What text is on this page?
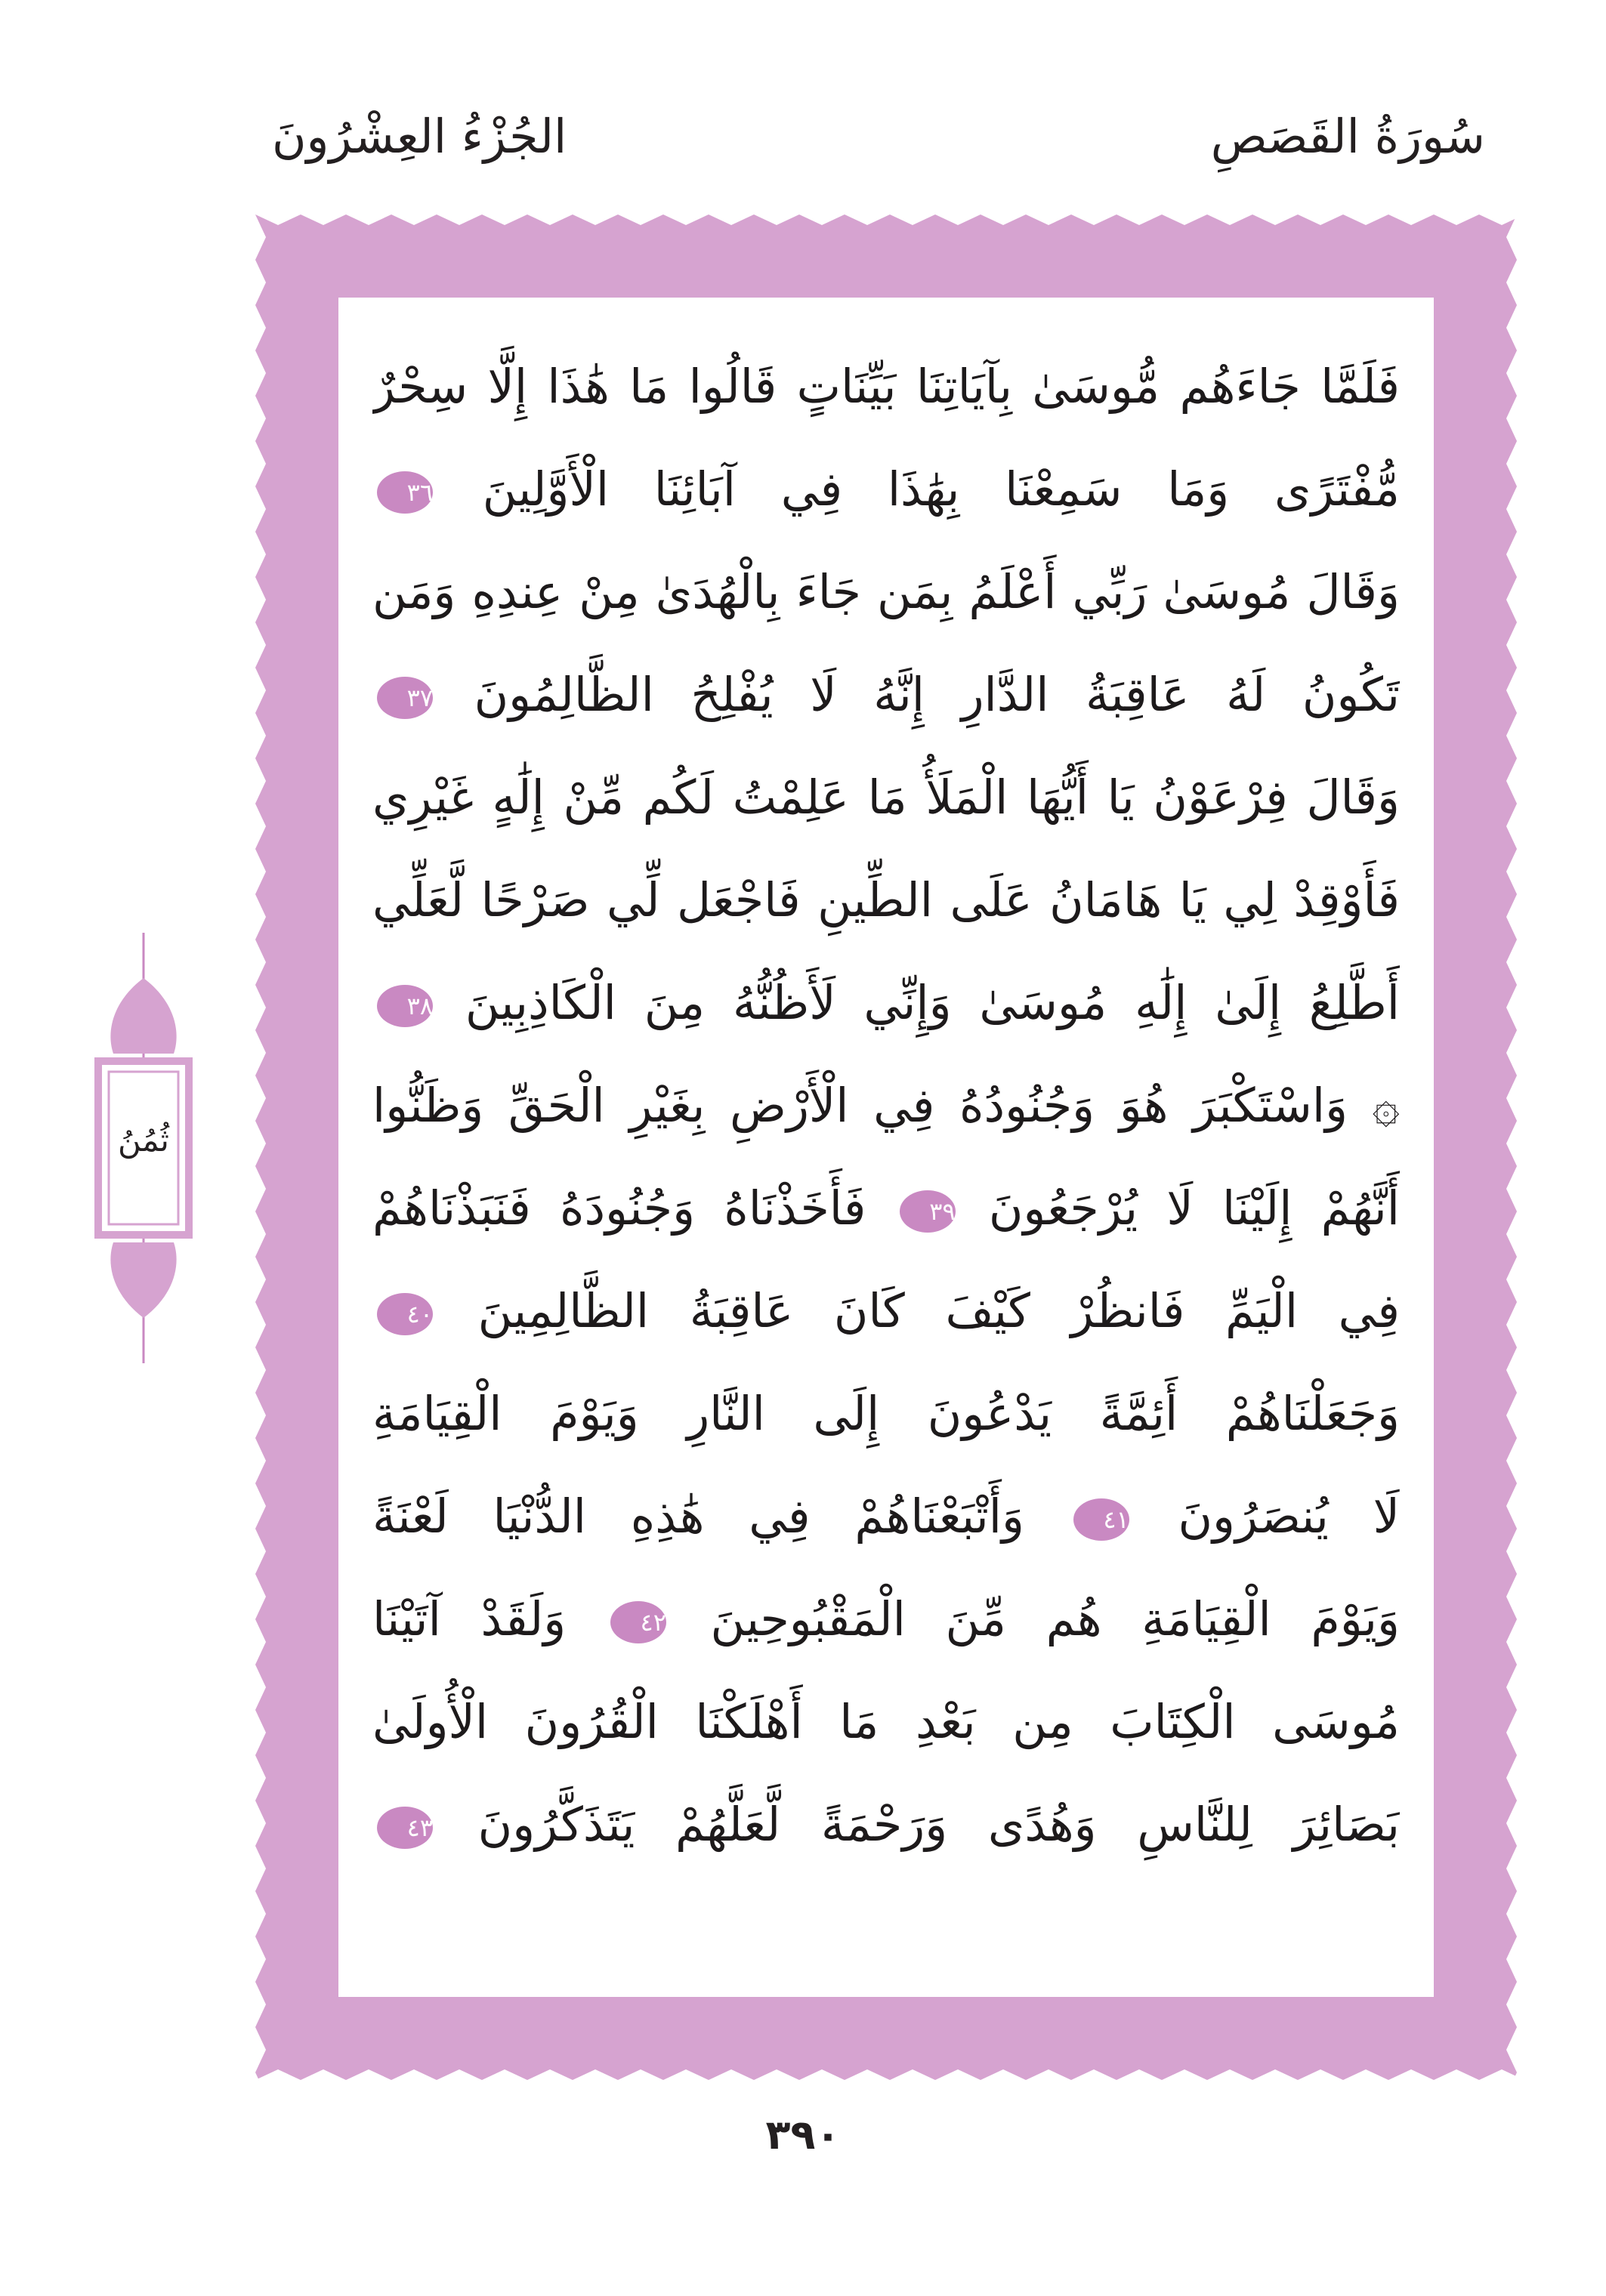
سُورَةُ القَصَصِ
الجُزْءُ العِشْرُونَ
فَلَمَّا جَاءَهُم مُّوسَىٰ بِآيَاتِنَا بَيِّنَاتٍ قَالُوا مَا هَٰذَا إِلَّا سِحْرٌ
مُّفْتَرًى وَمَا سَمِعْنَا بِهَٰذَا فِي آبَائِنَا الْأَوَّلِينَ ٣٦
وَقَالَ مُوسَىٰ رَبِّي أَعْلَمُ بِمَن جَاءَ بِالْهُدَىٰ مِنْ عِندِهِ وَمَن
تَكُونُ لَهُ عَاقِبَةُ الدَّارِ إِنَّهُ لَا يُفْلِحُ الظَّالِمُونَ ٣٧
وَقَالَ فِرْعَوْنُ يَا أَيُّهَا الْمَلَأُ مَا عَلِمْتُ لَكُم مِّنْ إِلَٰهٍ غَيْرِي
فَأَوْقِدْ لِي يَا هَامَانُ عَلَى الطِّينِ فَاجْعَل لِّي صَرْحًا لَّعَلِّي
أَطَّلِعُ إِلَىٰ إِلَٰهِ مُوسَىٰ وَإِنِّي لَأَظُنُّهُ مِنَ الْكَاذِبِينَ ٣٨
۞ وَاسْتَكْبَرَ هُوَ وَجُنُودُهُ فِي الْأَرْضِ بِغَيْرِ الْحَقِّ وَظَنُّوا
أَنَّهُمْ إِلَيْنَا لَا يُرْجَعُونَ ٣٩ فَأَخَذْنَاهُ وَجُنُودَهُ فَنَبَذْنَاهُمْ
فِي الْيَمِّ فَانظُرْ كَيْفَ كَانَ عَاقِبَةُ الظَّالِمِينَ ٤٠
وَجَعَلْنَاهُمْ أَئِمَّةً يَدْعُونَ إِلَى النَّارِ وَيَوْمَ الْقِيَامَةِ
لَا يُنصَرُونَ ٤١ وَأَتْبَعْنَاهُمْ فِي هَٰذِهِ الدُّنْيَا لَعْنَةً
وَيَوْمَ الْقِيَامَةِ هُم مِّنَ الْمَقْبُوحِينَ ٤٢ وَلَقَدْ آتَيْنَا
مُوسَى الْكِتَابَ مِن بَعْدِ مَا أَهْلَكْنَا الْقُرُونَ الْأُولَىٰ
بَصَائِرَ لِلنَّاسِ وَهُدًى وَرَحْمَةً لَّعَلَّهُمْ يَتَذَكَّرُونَ ٤٣
ثُمُنُ
٣٩٠
